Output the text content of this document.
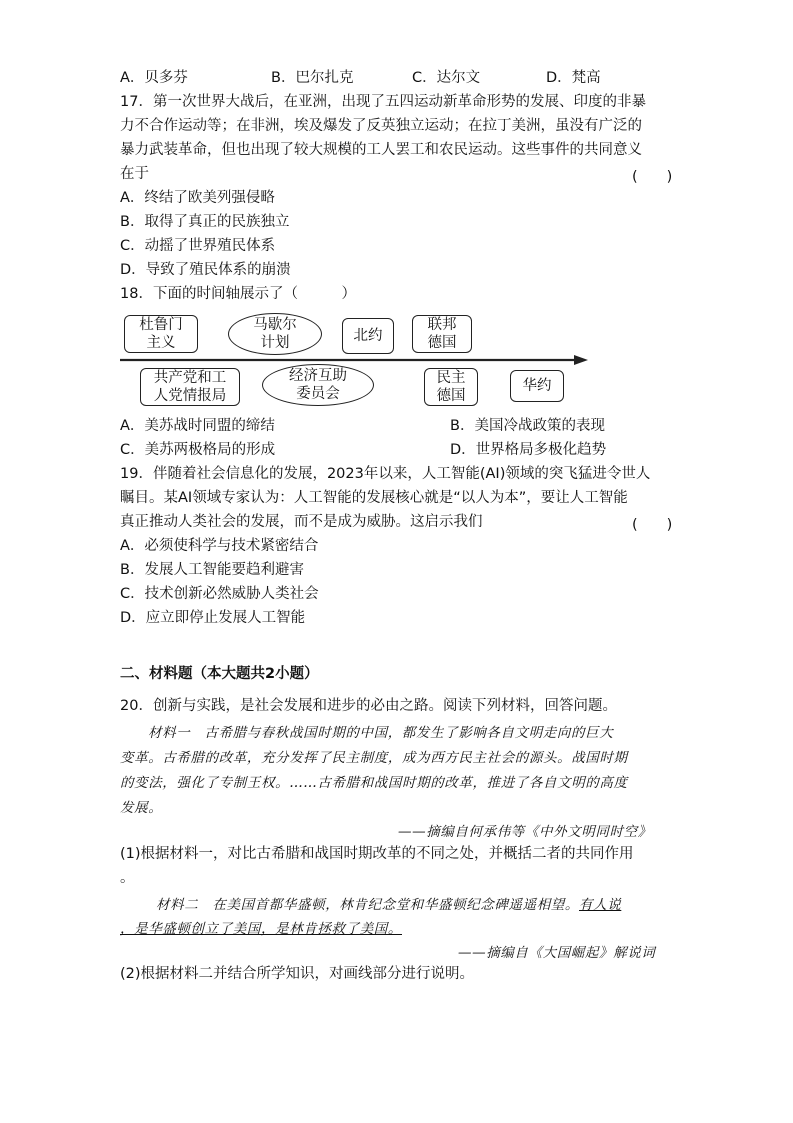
A．贝多芬	B．巴尔扎克	C．达尔文	D．梵高
17．第一次世界大战后，在亚洲，出现了五四运动新革命形势的发展、印度的非暴
力不合作运动等；在非洲，埃及爆发了反英独立运动；在拉丁美洲，虽没有广泛的
暴力武装革命，但也出现了较大规模的工人罢工和农民运动。这些事件的共同意义
在于	(　　)
A．终结了欧美列强侵略
B．取得了真正的民族独立
C．动摇了世界殖民体系
D．导致了殖民体系的崩溃
18．下面的时间轴展示了（　　　）
杜鲁门
主义
马歇尔
计划	北约
联邦
德国
共产党和工
人党情报局
经济互助
委员会
民主
德国
华约
A．美苏战时同盟的缔结	B．美国冷战政策的表现
C．美苏两极格局的形成	D．世界格局多极化趋势
19．伴随着社会信息化的发展，2023年以来，人工智能(AI)领域的突飞猛进令世人
瞩目。某AI领域专家认为：人工智能的发展核心就是“以人为本”，要让人工智能
真正推动人类社会的发展，而不是成为威胁。这启示我们	(　　)
A．必须使科学与技术紧密结合
B．发展人工智能要趋利避害
C．技术创新必然威胁人类社会
D．应立即停止发展人工智能
二、材料题（本大题共2小题）
20．创新与实践，是社会发展和进步的必由之路。阅读下列材料，回答问题。
材料一　古希腊与春秋战国时期的中国，都发生了影响各自文明走向的巨大
变革。古希腊的改革，充分发挥了民主制度，成为西方民主社会的源头。战国时期
的变法，强化了专制王权。……古希腊和战国时期的改革，推进了各自文明的高度
发展。
——摘编自何承伟等《中外文明同时空》
(1)根据材料一，对比古希腊和战国时期改革的不同之处，并概括二者的共同作用
。
材料二　在美国首都华盛顿，林肯纪念堂和华盛顿纪念碑遥遥相望。有人说
，是华盛顿创立了美国，是林肯拯救了美国。
——摘编自《大国崛起》解说词
(2)根据材料二并结合所学知识，对画线部分进行说明。
